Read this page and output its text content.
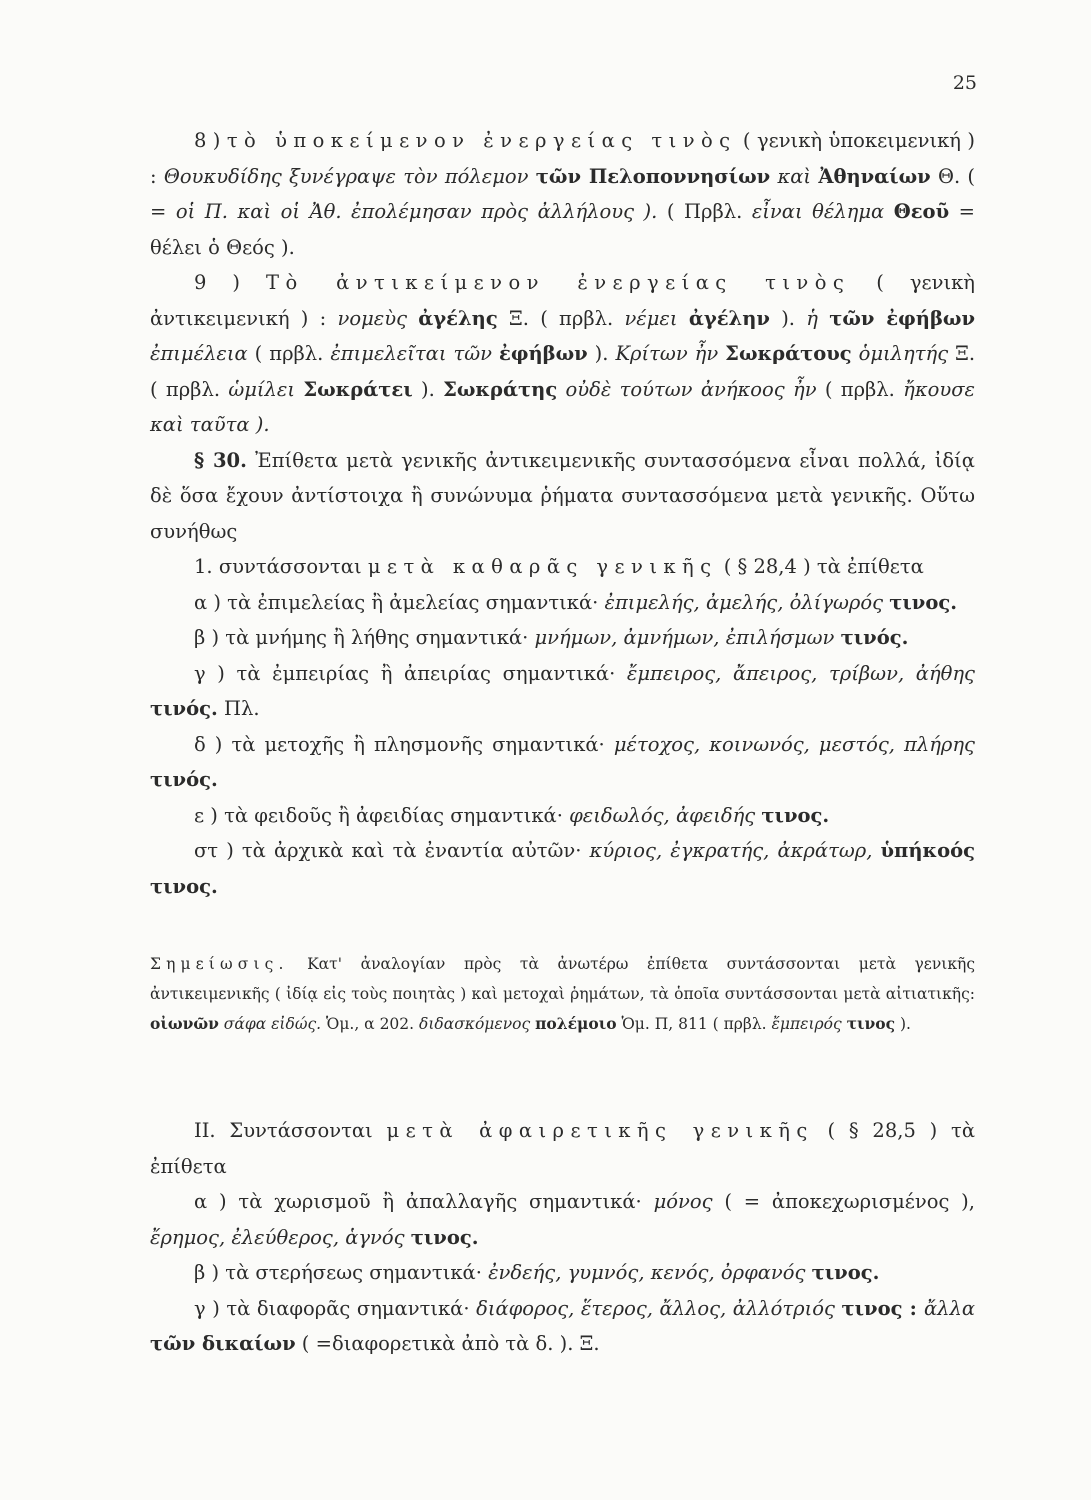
25

8 ) τὸ ὑποκείμενον ἐνεργείας τινὸς ( γενικὴ ὑποκειμενική ) : Θουκυδίδης ξυνέγραψε τὸν πόλεμον τῶν Πελοποννησίων καὶ Ἀθηναίων Θ. ( = οἱ Π. καὶ οἱ Ἀθ. ἐπολέμησαν πρὸς ἀλλήλους ). ( Πρβλ. εἶναι θέλημα Θεοῦ = θέλει ὁ Θεός ).

9 ) Τὸ ἀντικείμενον ἐνεργείας τινὸς ( γενικὴ ἀντικειμενική ) : νομεὺς ἀγέλης Ξ. ( πρβλ. νέμει ἀγέλην ). ἡ τῶν ἐφήβων ἐπιμέλεια ( πρβλ. ἐπιμελεῖται τῶν ἐφήβων ). Κρίτων ἦν Σωκράτους ὁμιλητής Ξ. ( πρβλ. ὡμίλει Σωκράτει ). Σωκράτης οὐδὲ τούτων ἀνήκοος ἦν ( πρβλ. ἤκουσε καὶ ταῦτα ).

§ 30. Ἐπίθετα μετὰ γενικῆς ἀντικειμενικῆς συντασσόμενα εἶναι πολλά, ἰδίᾳ δὲ ὅσα ἔχουν ἀντίστοιχα ἢ συνώνυμα ῥήματα συντασσόμενα μετὰ γενικῆς. Οὕτω συνήθως

1. συντάσσονται μετὰ καθαρᾶς γενικῆς ( § 28,4 ) τὰ ἐπίθετα

α ) τὰ ἐπιμελείας ἢ ἀμελείας σημαντικά· ἐπιμελής, ἀμελής, ὀλίγωρός τινος.

β ) τὰ μνήμης ἢ λήθης σημαντικά· μνήμων, ἀμνήμων, ἐπιλήσμων τινός.

γ ) τὰ ἐμπειρίας ἢ ἀπειρίας σημαντικά· ἔμπειρος, ἄπειρος, τρίβων, ἀήθης τινός. Πλ.

δ ) τὰ μετοχῆς ἢ πλησμονῆς σημαντικά· μέτοχος, κοινωνός, μεστός, πλήρης τινός.

ε ) τὰ φειδοῦς ἢ ἀφειδίας σημαντικά· φειδωλός, ἀφειδής τινος.

στ ) τὰ ἀρχικὰ καὶ τὰ ἐναντία αὐτῶν· κύριος, ἐγκρατής, ἀκράτωρ, ὑπήκοός τινος.

Σημείωσις. Κατ' ἀναλογίαν πρὸς τὰ ἀνωτέρω ἐπίθετα συντάσσονται μετὰ γενικῆς ἀντικειμενικῆς ( ἰδίᾳ εἰς τοὺς ποιητὰς ) καὶ μετοχαὶ ῥημάτων, τὰ ὁποῖα συντάσσονται μετὰ αἰτιατικῆς: οἰωνῶν σάφα εἰδώς. Ὁμ., α 202. διδασκόμενος πολέμοιο Ὁμ. Π, 811 ( πρβλ. ἔμπειρός τινος ).

ΙΙ. Συντάσσονται μετὰ ἀφαιρετικῆς γενικῆς ( § 28,5 ) τὰ ἐπίθετα

α ) τὰ χωρισμοῦ ἢ ἀπαλλαγῆς σημαντικά· μόνος ( = ἀποκεχωρισμένος ), ἔρημος, ἐλεύθερος, ἁγνός τινος.

β ) τὰ στερήσεως σημαντικά· ἐνδεής, γυμνός, κενός, ὀρφανός τινος.

γ ) τὰ διαφορᾶς σημαντικά· διάφορος, ἕτερος, ἄλλος, ἀλλότριός τινος : ἄλλα τῶν δικαίων ( =διαφορετικὰ ἀπὸ τὰ δ. ). Ξ.
